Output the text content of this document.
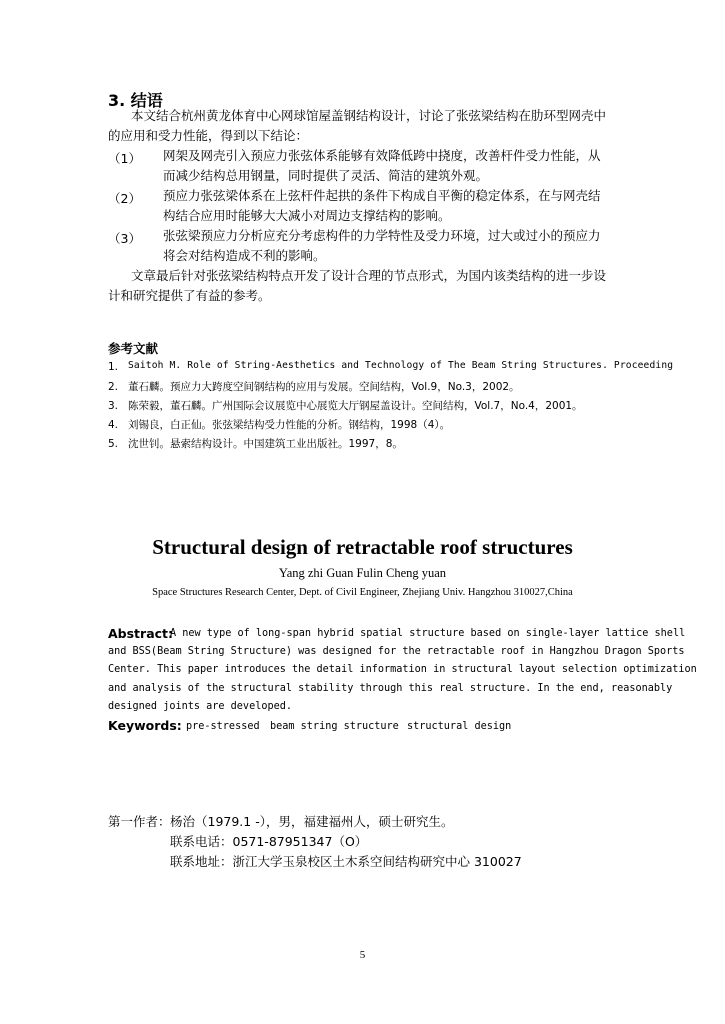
3. 结语
本文结合杭州黄龙体育中心网球馆屋盖钢结构设计，讨论了张弦梁结构在肋环型网壳中
的应用和受力性能，得到以下结论：
（1） 网架及网壳引入预应力张弦体系能够有效降低跨中挠度，改善杆件受力性能，从
而减少结构总用钢量，同时提供了灵活、简洁的建筑外观。
（2） 预应力张弦梁体系在上弦杆件起拱的条件下构成自平衡的稳定体系，在与网壳结
构结合应用时能够大大减小对周边支撑结构的影响。
（3） 张弦梁预应力分析应充分考虑构件的力学特性及受力环境，过大或过小的预应力
将会对结构造成不利的影响。
文章最后针对张弦梁结构特点开发了设计合理的节点形式，为国内该类结构的进一步设
计和研究提供了有益的参考。
参考文献
1. Saitoh M. Role of String-Aesthetics and Technology of The Beam String Structures. Proceeding
2. 董石麟。预应力大跨度空间钢结构的应用与发展。空间结构，Vol.9，No.3，2002。
3. 陈荣毅，董石麟。广州国际会议展览中心展览大厅钢屋盖设计。空间结构，Vol.7，No.4，2001。
4. 刘锡良，白正仙。张弦梁结构受力性能的分析。钢结构，1998（4）。
5. 沈世钊。悬索结构设计。中国建筑工业出版社。1997，8。
Structural design of retractable roof structures
Yang zhi Guan Fulin Cheng yuan
Space Structures Research Center, Dept. of Civil Engineer, Zhejiang Univ. Hangzhou 310027,China
Abstract:
A new type of long-span hybrid spatial structure based on single-layer lattice shell
and BSS(Beam String Structure) was designed for the retractable roof in Hangzhou Dragon Sports
Center. This paper introduces the detail information in structural layout selection optimization
and analysis of the structural stability through this real structure. In the end, reasonably
designed joints are developed.
Keywords: pre-stressed beam string structure structural design
第一作者： 杨治（1979.1 -），男，福建福州人，硕士研究生。
联系电话：0571-87951347（O）
联系地址：浙江大学玉泉校区土木系空间结构研究中心 310027
5
